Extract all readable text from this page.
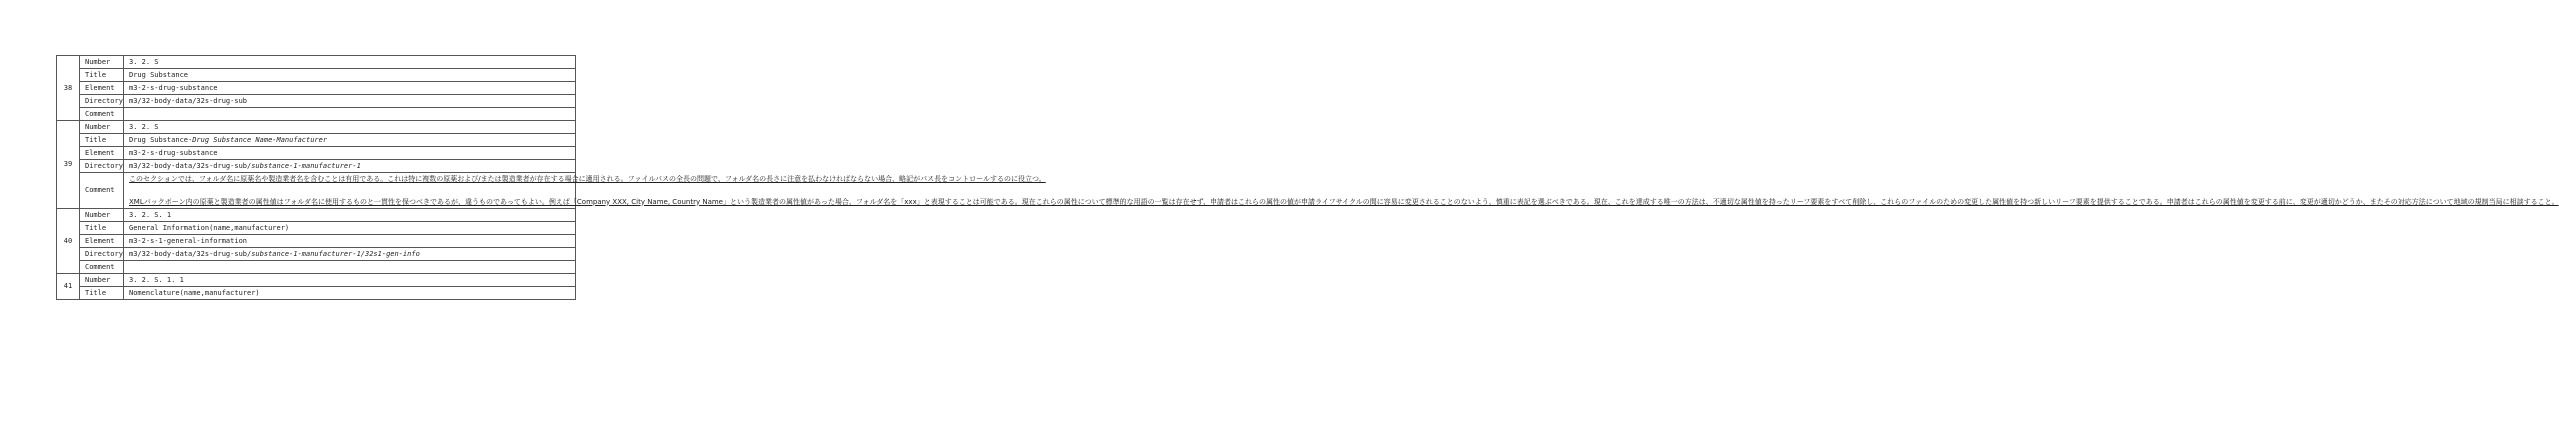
38	Number	3. 2. S
	Title	Drug Substance
	Element	m3-2-s-drug-substance
	Directory	m3/32-body-data/32s-drug-sub
	Comment	
39	Number	3. 2. S
	Title	Drug Substance-Drug Substance Name-Manufacturer
	Element	m3-2-s-drug-substance
	Directory	m3/32-body-data/32s-drug-sub/substance-1-manufacturer-1
	Comment	このセクションでは、フォルダ名に原薬名や製造業者名を含むことは有用である。これは特に複数の原薬および/または製造業者が存在する場合に適用される。ファイルパスの全長の問題で、フォルダ名の長さに注意を払わなければならない場合、略記がパス長をコントロールするのに役立つ。

XMLバックボーン内の原薬と製造業者の属性値はフォルダ名に使用するものと一貫性を保つべきであるが、違うものであってもよい。例えば「Company XXX, City Name, Country Name」という製造業者の属性値があった場合、フォルダ名を「xxx」と表現することは可能である。現在これらの属性について標準的な用語の一覧は存在せず、申請者はこれらの属性の値が申請ライフサイクルの間に容易に変更されることのないよう、慎重に表記を選ぶべきである。現在、これを達成する唯一の方法は、不適切な属性値を持ったリーフ要素をすべて削除し、これらのファイルのための変更した属性値を持つ新しいリーフ要素を提供することである。申請者はこれらの属性値を変更する前に、変更が適切かどうか、またその対応方法について地域の規制当局に相談すること。

40	Number	3. 2. S. 1
	Title	General Information(name,manufacturer)
	Element	m3-2-s-1-general-information
	Directory	m3/32-body-data/32s-drug-sub/substance-1-manufacturer-1/32s1-gen-info
	Comment	
41	Number	3. 2. S. 1. 1
	Title	Nomenclature(name,manufacturer)
